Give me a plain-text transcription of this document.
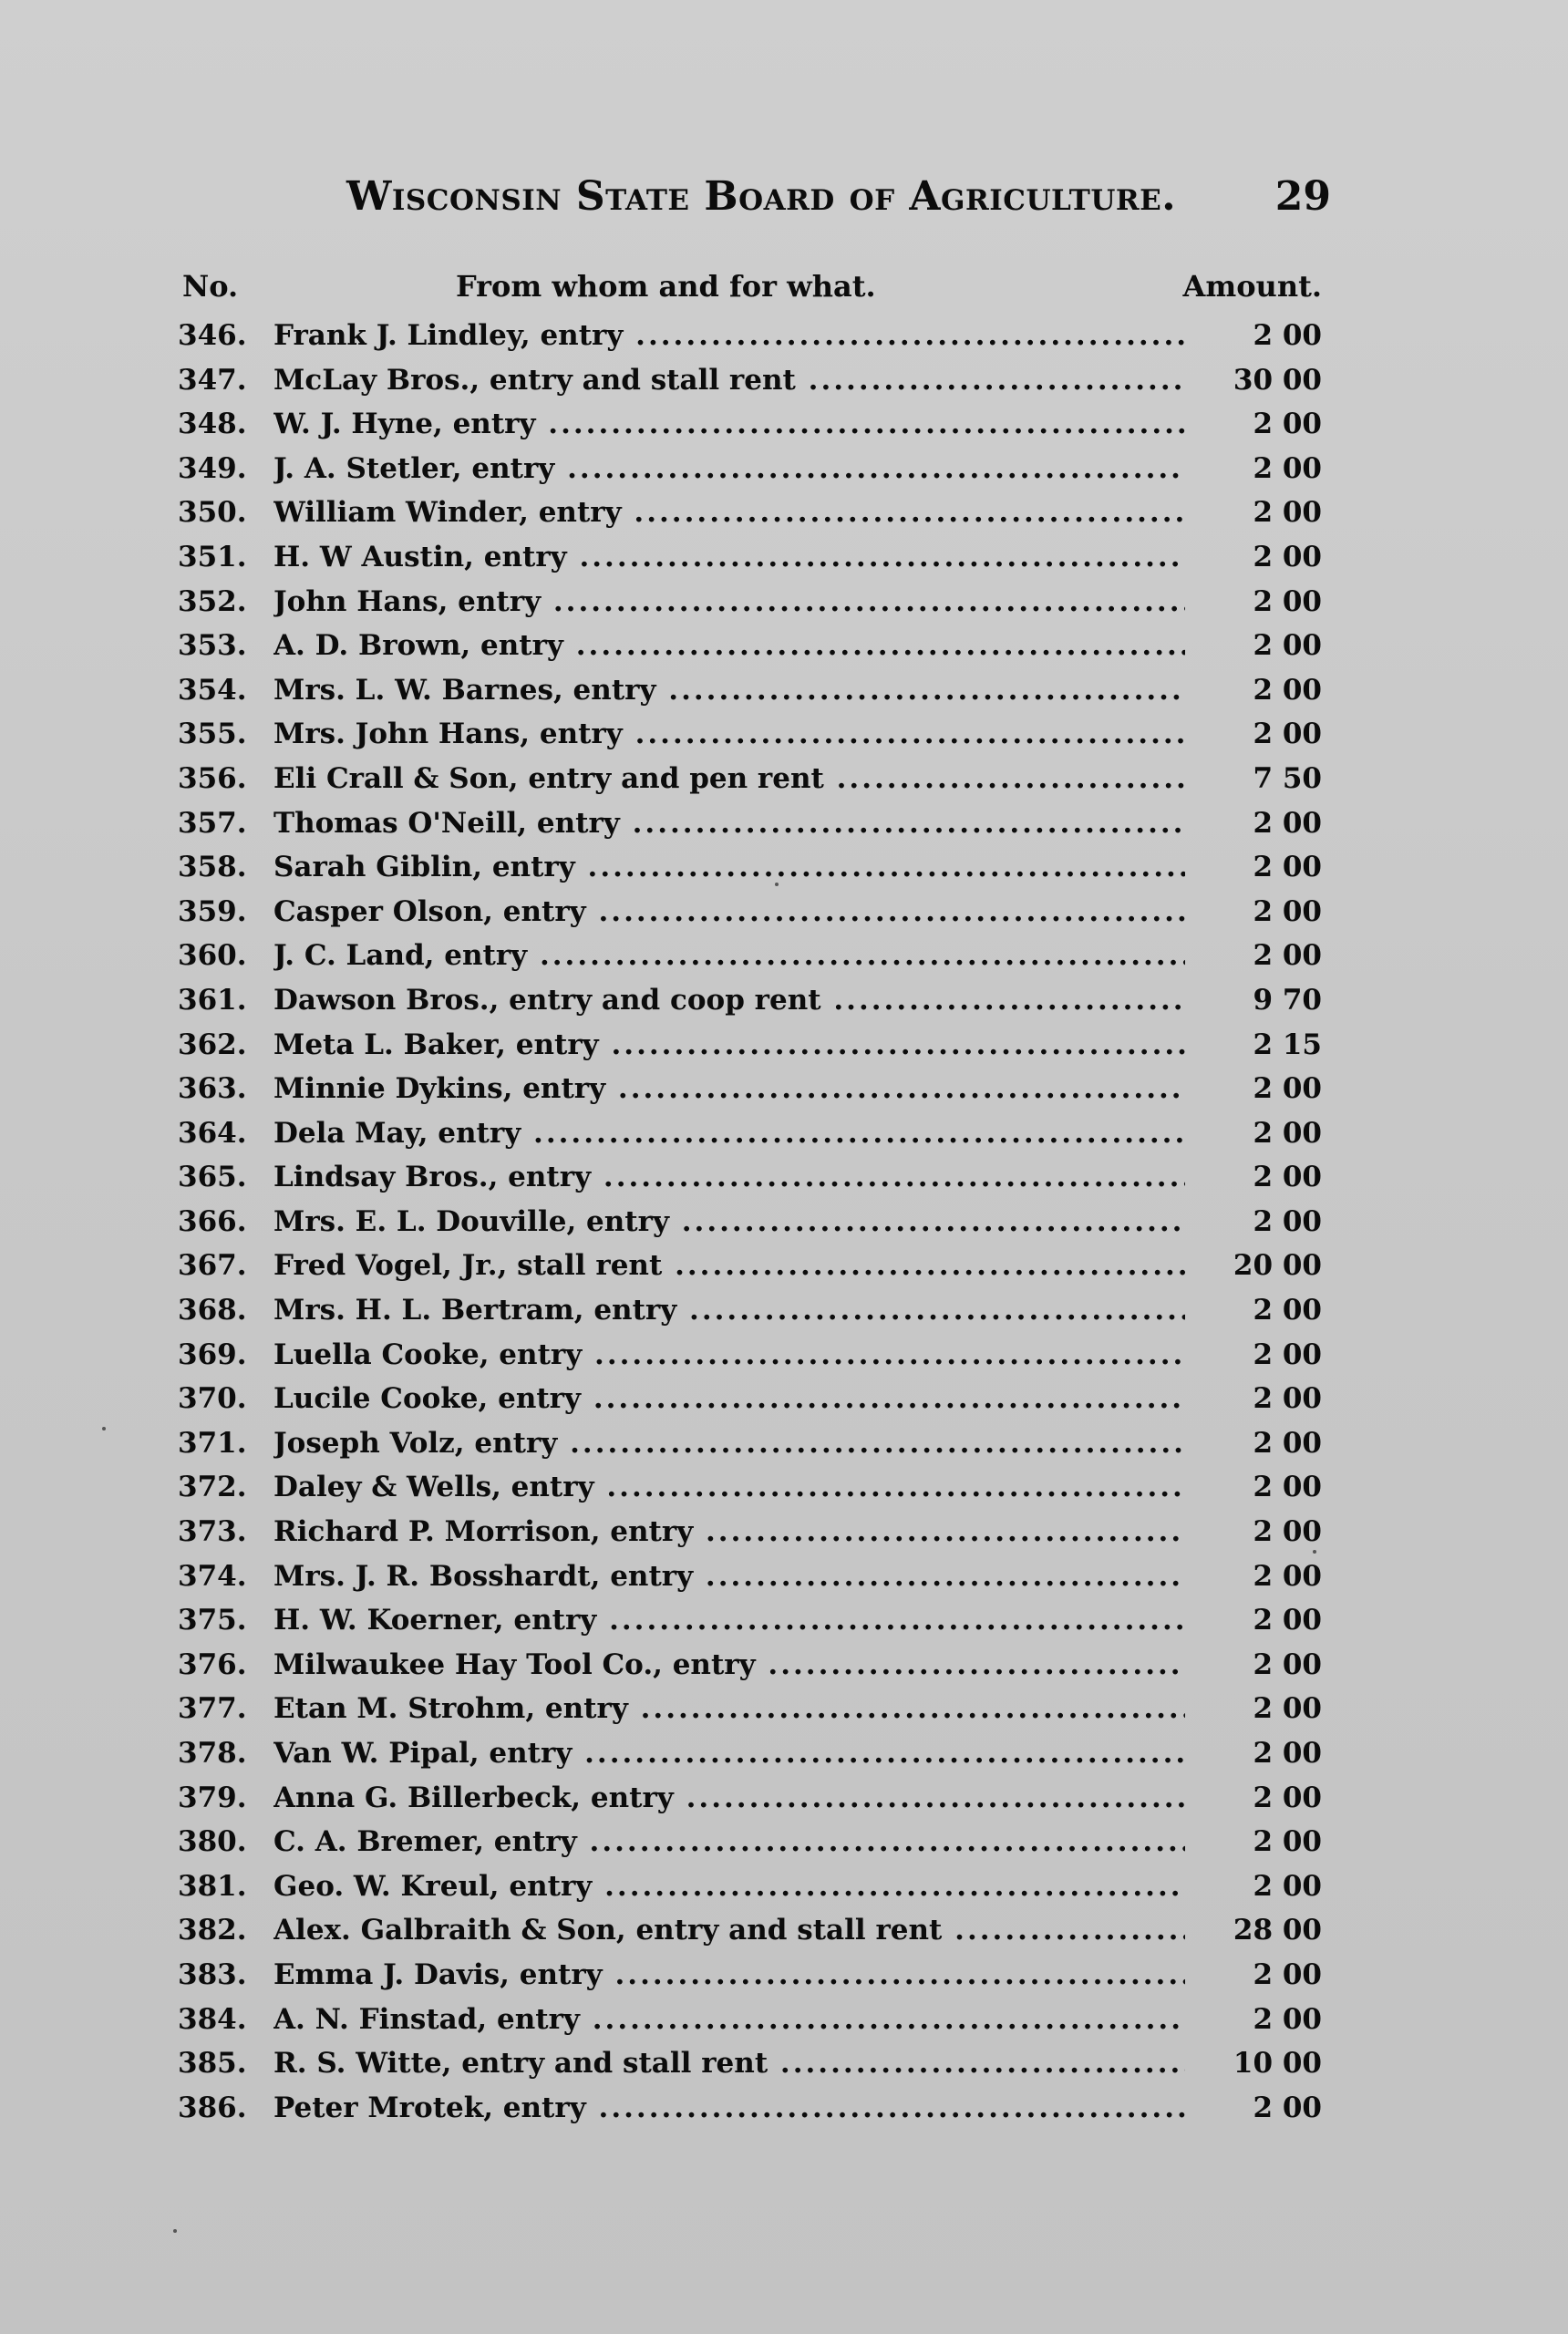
Wisconsin State Board of Agriculture. 29
No.	From whom and for what.	Amount.
346. Frank J. Lindley, entry .....	2 00
347. McLay Bros., entry and stall rent .....	30 00
348. W. J. Hyne, entry .....	2 00
349. J. A. Stetler, entry .....	2 00
350. William Winder, entry .....	2 00
351. H. W Austin, entry .....	2 00
352. John Hans, entry .....	2 00
353. A. D. Brown, entry .....	2 00
354. Mrs. L. W. Barnes, entry .....	2 00
355. Mrs. John Hans, entry .....	2 00
356. Eli Crall & Son, entry and pen rent .....	7 50
357. Thomas O'Neill, entry .....	2 00
358. Sarah Giblin, entry .....	2 00
359. Casper Olson, entry .....	2 00
360. J. C. Land, entry .....	2 00
361. Dawson Bros., entry and coop rent .....	9 70
362. Meta L. Baker, entry .....	2 15
363. Minnie Dykins, entry .....	2 00
364. Dela May, entry .....	2 00
365. Lindsay Bros., entry .....	2 00
366. Mrs. E. L. Douville, entry .....	2 00
367. Fred Vogel, Jr., stall rent .....	20 00
368. Mrs. H. L. Bertram, entry .....	2 00
369. Luella Cooke, entry .....	2 00
370. Lucile Cooke, entry .....	2 00
371. Joseph Volz, entry .....	2 00
372. Daley & Wells, entry .....	2 00
373. Richard P. Morrison, entry .....	2 00
374. Mrs. J. R. Bosshardt, entry .....	2 00
375. H. W. Koerner, entry .....	2 00
376. Milwaukee Hay Tool Co., entry .....	2 00
377. Etan M. Strohm, entry .....	2 00
378. Van W. Pipal, entry .....	2 00
379. Anna G. Billerbeck, entry .....	2 00
380. C. A. Bremer, entry .....	2 00
381. Geo. W. Kreul, entry .....	2 00
382. Alex. Galbraith & Son, entry and stall rent .....	28 00
383. Emma J. Davis, entry .....	2 00
384. A. N. Finstad, entry .....	2 00
385. R. S. Witte, entry and stall rent .....	10 00
386. Peter Mrotek, entry .....	2 00
